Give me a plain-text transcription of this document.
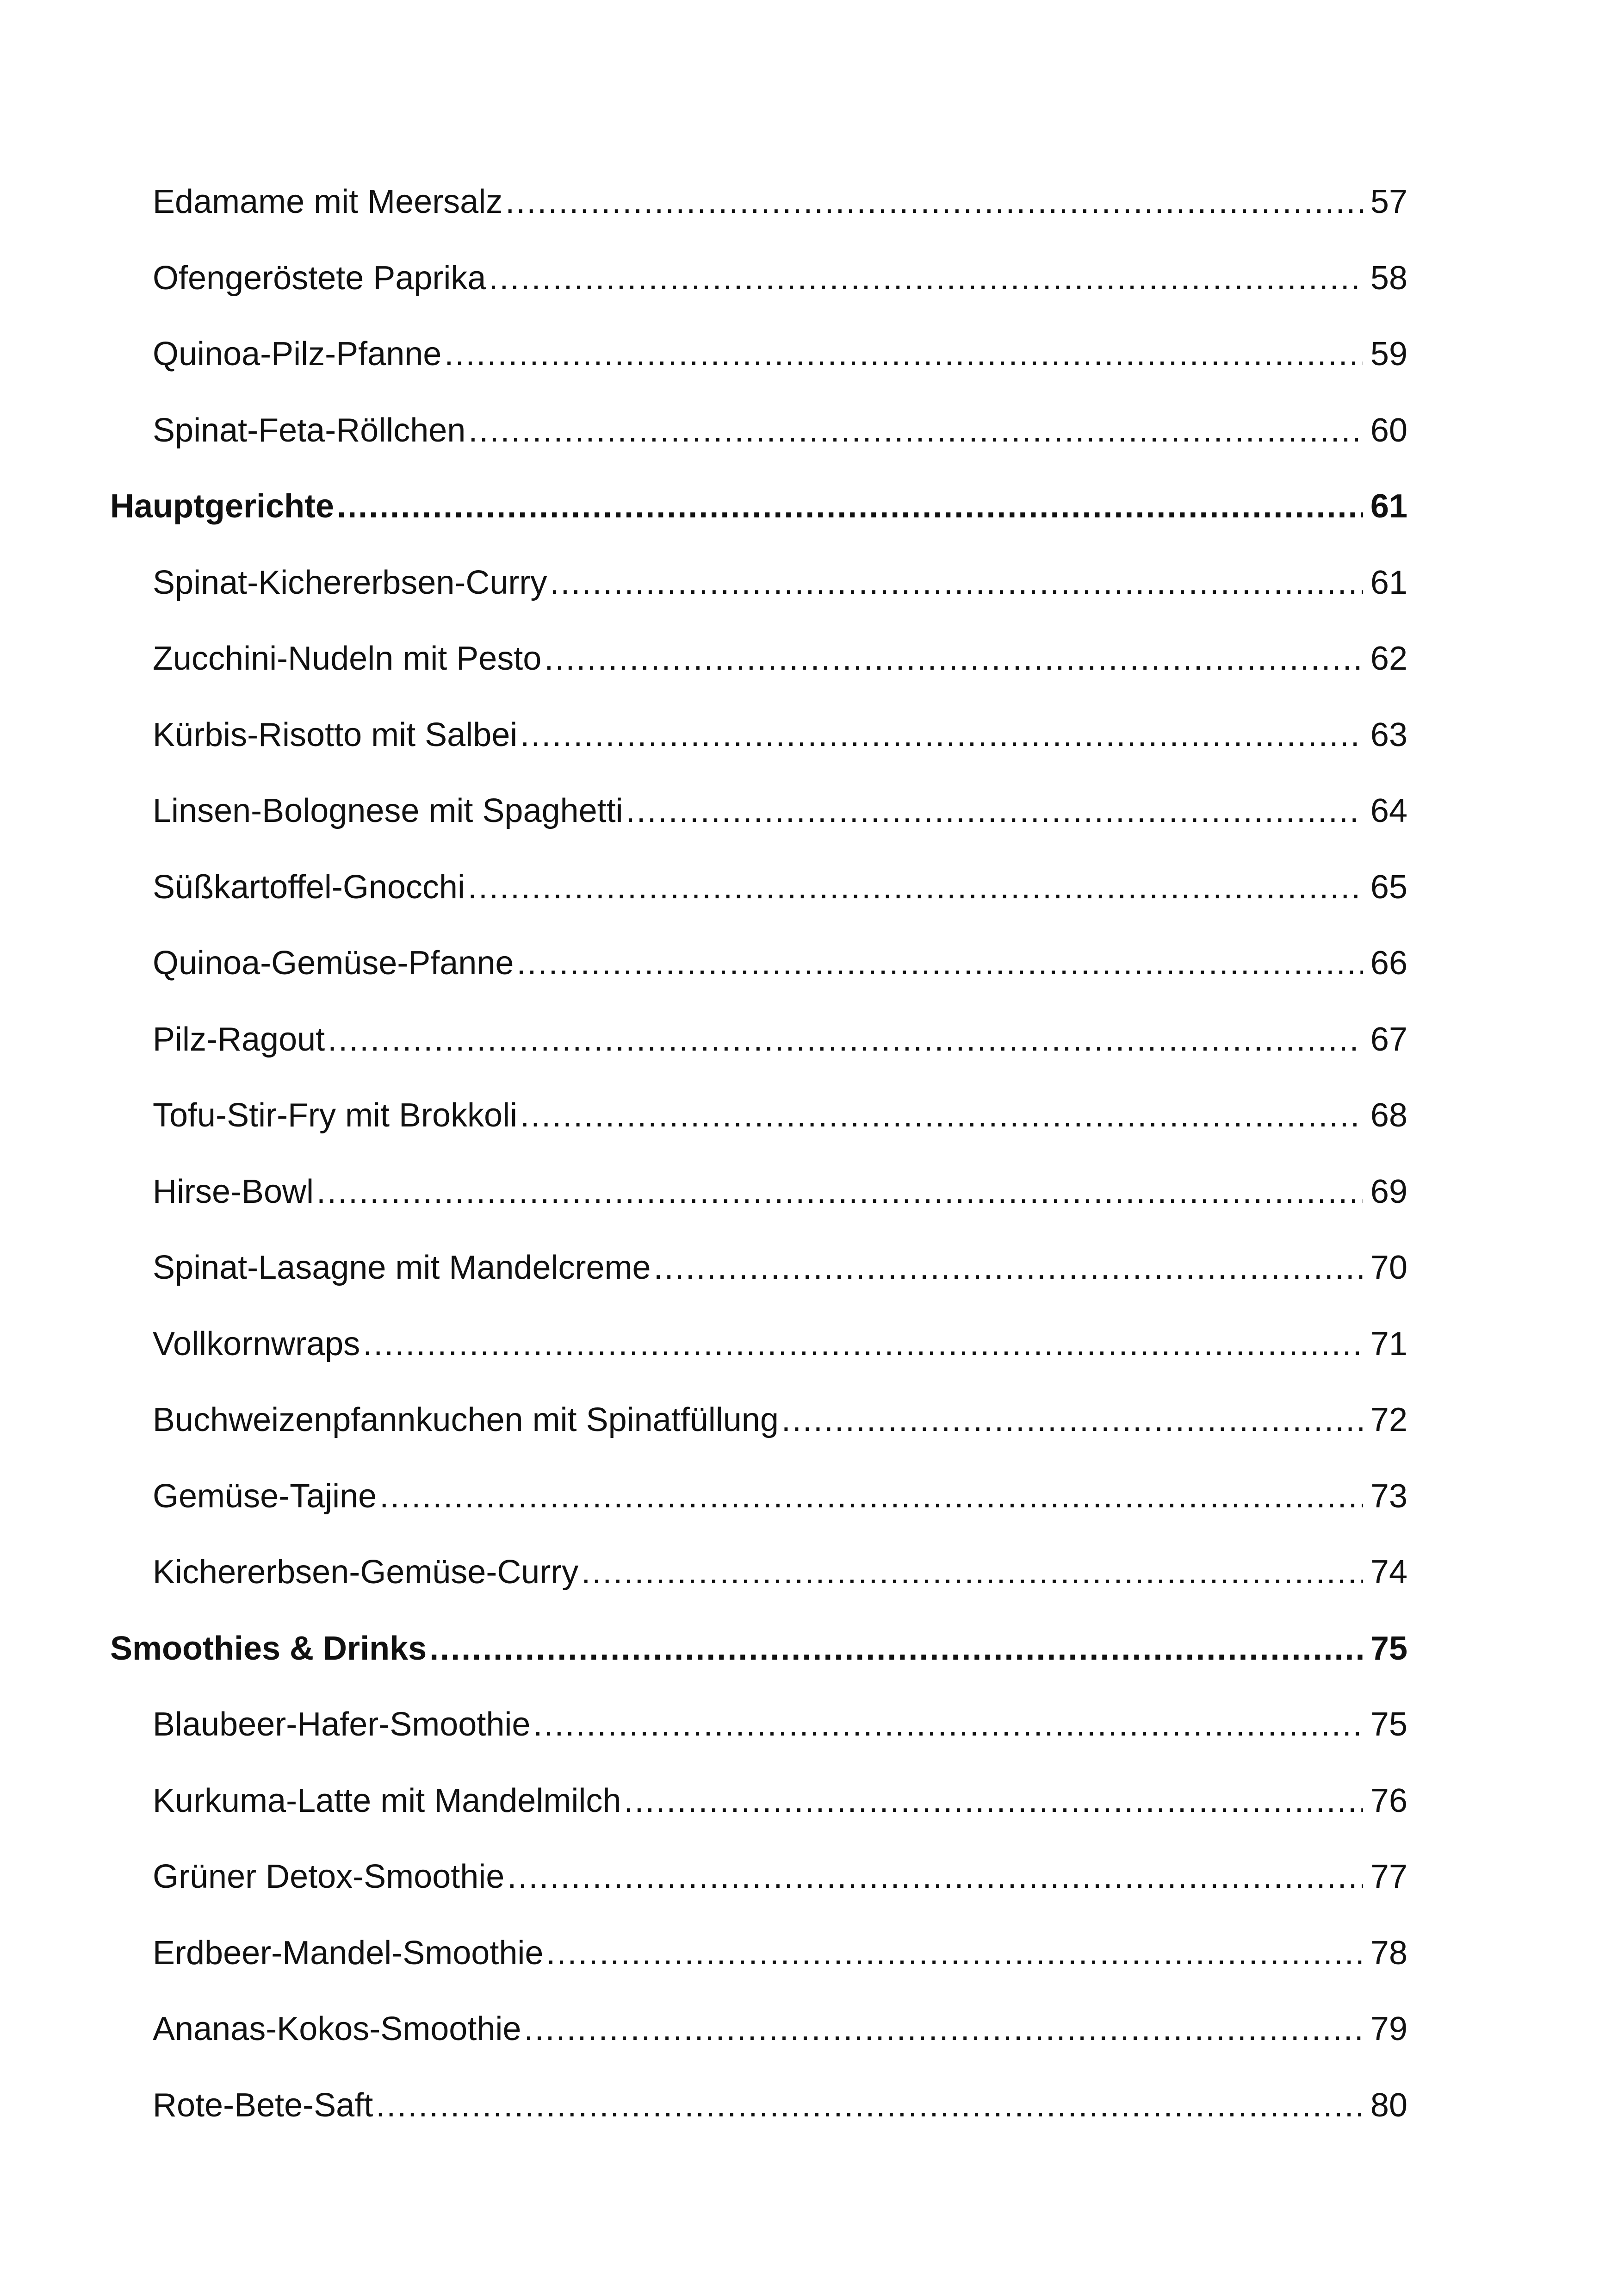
Edamame mit Meersalz .....	57
Ofengeröstete Paprika .....	58
Quinoa-Pilz-Pfanne .....	59
Spinat-Feta-Röllchen .....	60
Hauptgerichte .....	61
Spinat-Kichererbsen-Curry .....	61
Zucchini-Nudeln mit Pesto .....	62
Kürbis-Risotto mit Salbei .....	63
Linsen-Bolognese mit Spaghetti .....	64
Süßkartoffel-Gnocchi .....	65
Quinoa-Gemüse-Pfanne .....	66
Pilz-Ragout .....	67
Tofu-Stir-Fry mit Brokkoli .....	68
Hirse-Bowl .....	69
Spinat-Lasagne mit Mandelcreme .....	70
Vollkornwraps .....	71
Buchweizenpfannkuchen mit Spinatfüllung .....	72
Gemüse-Tajine .....	73
Kichererbsen-Gemüse-Curry .....	74
Smoothies & Drinks .....	75
Blaubeer-Hafer-Smoothie .....	75
Kurkuma-Latte mit Mandelmilch .....	76
Grüner Detox-Smoothie .....	77
Erdbeer-Mandel-Smoothie .....	78
Ananas-Kokos-Smoothie .....	79
Rote-Bete-Saft .....	80
